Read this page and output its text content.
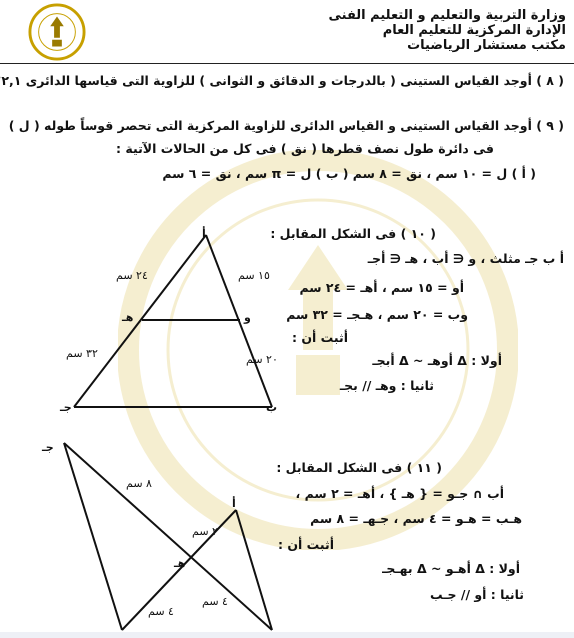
وزارة التربية والتعليم و التعليم الفنى
الإدارة المركزية للتعليم العام
مكتب مستشار الرياضيات
( ٨ ) أوجد القياس الستينى ( بالدرجات و الدقائق و الثوانى ) للزاوية التى قياسها الدائرى ٢,١
( ٩ ) أوجد القياس الستينى و القياس الدائرى للزاوية المركزية التى تحصر قوساً طوله ( ل )
فى دائرة طول نصف قطرها ( نق ) فى كل من الحالات الآتية :
( أ ) ل = ١٠ سم ، نق = ٨ سم ( ب ) ل = π سم ، نق = ٦ سم
( ١٠ ) فى الشكل المقابل :
أ ب جـ مثلث ، و ∈ أب ، هـ ∈ أجـ
أو = ١٥ سم ، أهـ = ٢٤ سم
وب = ٢٠ سم ، هـجـ = ٣٢ سم
أثبت أن :
أولا : Δ أوهـ ~ Δ أبجـ
ثانيا : وهـ // بجـ
أ
و
هـ
ب
جـ
١٥ سم
٢٤ سم
٢٠ سم
٣٢ سم
( ١١ ) فى الشكل المقابل :
أب ∩ جـو = { هـ } ، أهـ = ٢ سم ،
هـب = هـو = ٤ سم ، جـهـ = ٨ سم
أثبت أن :
أولا : Δ أهـو ~ Δ بهـجـ
ثانيا : أو // جـب
جـ
أ
هـ
٨ سم
٢ سم
٤ سم
٤ سم
